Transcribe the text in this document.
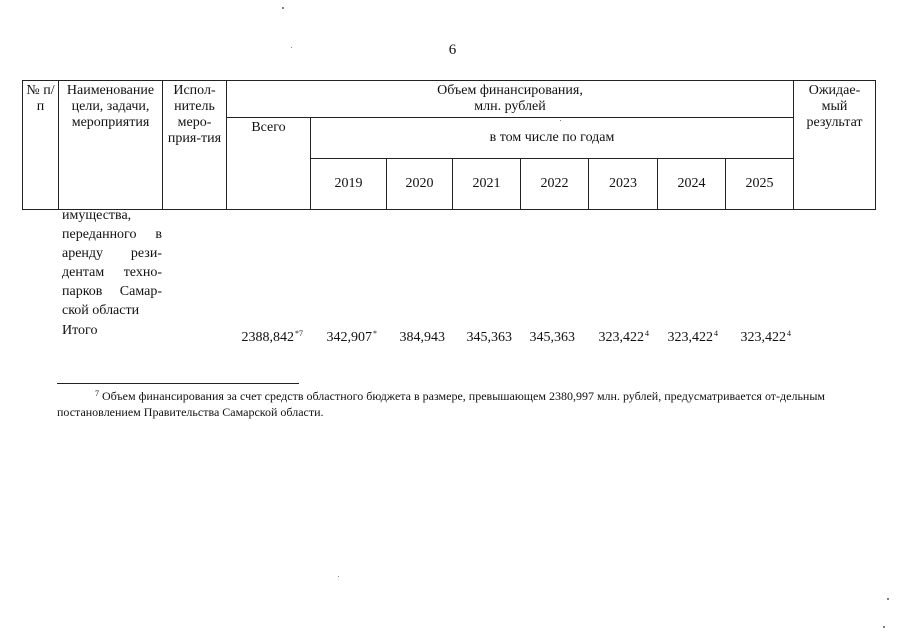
6
№ п/п	Наименование цели, задачи, мероприятия	Испол-нитель меро-прия-тия	Объем финансирования, млн. рублей								Ожидае-мый результат
			Всего	в том числе по годам							
				2019	2020	2021	2022	2023	2024	2025	
имущества, переданного в аренду рези-дентам техно-парков Самар-ской области
Итого	2388,842$^{*7}$ 342,907* 384,943 345,363 345,363 323,422$^4$ 323,422$^4$ 323,422$^4$
$^7$ Объем финансирования за счет средств областного бюджета в размере, превышающем 2380,997 млн. рублей, предусматривается от-дельным постановлением Правительства Самарской области.
